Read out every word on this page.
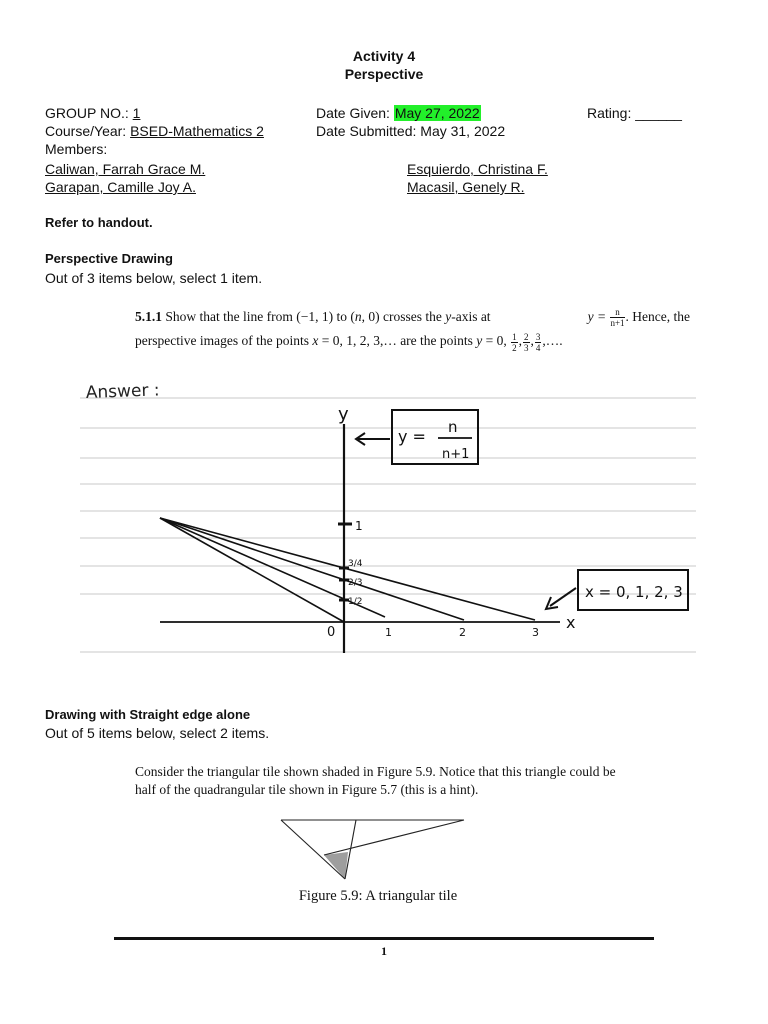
Activity 4
Perspective
GROUP NO.: 1	Date Given: May 27, 2022	Rating: ______
Course/Year: BSED-Mathematics 2	Date Submitted: May 31, 2022
Members:
Caliwan, Farrah Grace M.	Esquierdo, Christina F.
Garapan, Camille Joy A.	Macasil, Genely R.
Refer to handout.
Perspective Drawing
Out of 3 items below, select 1 item.
5.1.1 Show that the line from (−1, 1) to (n, 0) crosses the y-axis at	$y = \frac{n}{n+1}$ . Hence, the
perspective images of the points x = 0, 1, 2, 3,… are the points y = 0, $\frac{1}{2}$ , $\frac{2}{3}$ , $\frac{3}{4}$ ,….
Answer :
y
x
1
3/4
2/3
1/2
0	1	2	3
y = n
n+1
x = 0, 1, 2, 3
Drawing with Straight edge alone
Out of 5 items below, select 2 items.
Consider the triangular tile shown shaded in Figure 5.9. Notice that this triangle could be
half of the quadrangular tile shown in Figure 5.7 (this is a hint).
Figure 5.9: A triangular tile
1
